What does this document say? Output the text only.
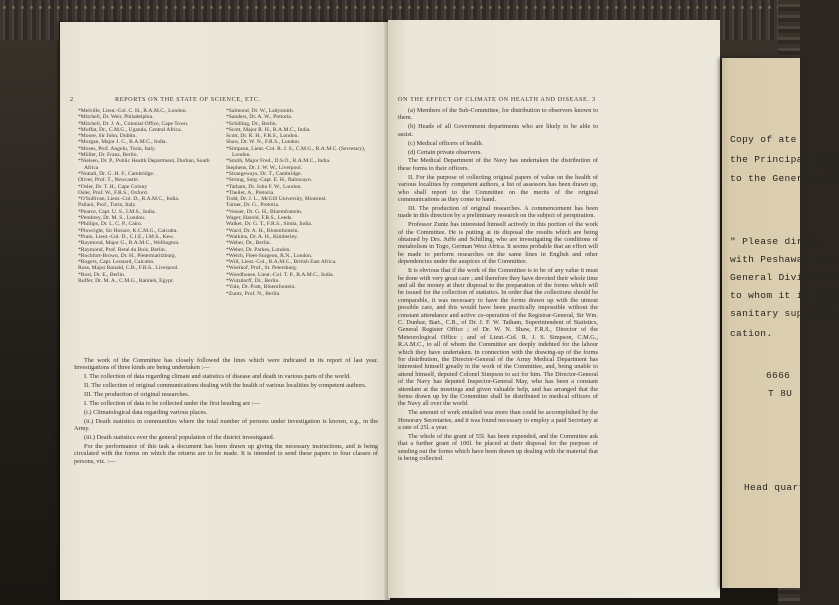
2	REPORTS ON THE STATE OF SCIENCE, ETC.

*Melville, Lieut.-Col. C. H., R.A.M.C., London.

*Mitchell, Dr. Weir, Philadelphia.

*Mitchell, Dr. J. A., Colonial Office, Cape Town.

*Moffat, Dr., C.M.G., Uganda, Central Africa.

*Moore, Sir John, Dublin.

*Morgan, Major J. C., R.A.M.C., India.

*Moses, Prof. Angelo, Turin, Italy.

*Müller, Dr. Franz, Berlin.

*Nielsen, Dr. P., Public Health Department, Durban, South Africa

*Nuttall, Dr. G. H. F., Cambridge.

Oliver, Prof. T., Newcastle.

*Osler, Dr. T. H., Cape Colony

Osler, Prof. W., F.R.S., Oxford.

*O'Sullivan, Lieut.-Col. D., R.A.M.C., India.

Pallaoi, Prof., Turin, Italy.

*Pearce, Capt. U. S., I.M.S., India.

*Pembrey, Dr. M. S., London.

*Phillips, Dr. L. C. P., Cairo.

*Plowright, Sir Horace, K.C.M.G., Calcutta.

*Prain, Lieut.-Col. D., C.I.E., I.M.S., Kew.

*Raymond, Major G., R.A.M.C., Wellington.

*Raymond, Prof. René du Bois, Berlin.

*Rochfort-Brown, Dr. H., Pietermaritzburg.

*Rogers, Capt. Leonard, Calcutta.

Ross, Major Ronald, C.B., F.R.S., Liverpool.

*Rost, Dr. E., Berlin.

Ruffer, Dr. M. A., C.M.G., Ramleh, Egypt.

*Salmond, Dr. W., Ladysmith.

*Sanders, Dr. A. W., Pretoria.

*Schilling, Dr., Berlin.

*Scott, Major R. H., R.A.M.C., India.

Scott, Dr. R. H., F.R.S., London.

Shaw, Dr. W. N., F.R.S., London.

*Simpson, Lieut.-Col. R. J. S., C.M.G., R.A.M.C. (Secretary), London.

*Smith, Major Fred., D.S.O., R.A.M.C., India.

Stephens, Dr. J. W. W., Liverpool.

*Strangeways, Dr. T., Cambridge.

*Strong, Surg.-Capt. E. H., Baluwayo.

*Tatham, Dr. John F. W., London.

*Theiler, A., Pretoria.

Todd, Dr. J. L., McGill University, Montreal.

Turner, Dr. G., Pretoria.

*Veuser, Dr. G. H., Bloemfontein.

Wager, Harold, F.R.S., Leeds.

Walker, Dr. G. T., F.R.S., Simla, India.

*Ward, Dr. A. H., Bloemfontein.

*Watkins, Dr. A. H., Kimberley.

*Weber, Dr., Berlin.

*Weber, Dr. Parkes, London.

*Welch, Fleet-Surgeon, R.N., London.

*Will, Lieut.-Col., R.A.M.C., British East Africa.

*Woeikof, Prof., St. Petersburg.

*Woodhouse, Lieut.-Col. T. P., R.A.M.C., India.

*Wutzdorff, Dr., Berlin.

*Yule, Dr. Pratt, Bloemfontein.

*Zuntz, Prof. N., Berlin.

The work of the Committee has closely followed the lines which were indicated in its report of last year. Investigations of three kinds are being undertaken :—

I. The collection of data regarding climate and statistics of disease and death in various parts of the world.

II. The collection of original communications dealing with the health of various localities by competent authors.

III. The production of original researches.

I. The collection of data to be collected under the first heading are :—

(i.) Climatological data regarding various places.

(ii.) Death statistics in communities where the total number of persons under investigation is known, e.g., in the Army.

(iii.) Death statistics over the general population of the district investigated.

For the performance of this task a document has been drawn up giving the necessary instructions, and is being circulated with the forms on which the returns are to be made. It is intended to send these papers to four classes of persons, viz. :—

ON THE EFFECT OF CLIMATE ON HEALTH AND DISEASE. 3

(a) Members of the Sub-Committee, for distribution to observers known to them.

(b) Heads of all Government departments who are likely to be able to assist.

(c) Medical officers of health.

(d) Certain private observers.

The Medical Department of the Navy has undertaken the distribution of these forms to their officers.

II. For the purpose of collecting original papers of value on the health of various localities by competent authors, a list of assessors has been drawn up, who shall report to the Committee on the merits of the original communications as they come to hand.

III. The production of original researches. A commencement has been made in this direction by a preliminary research on the subject of perspiration.

Professor Zuntz has interested himself actively in this portion of the work of the Committee. He is putting at its disposal the results which are being obtained by Drs. Juffe and Schilling, who are investigating the conditions of metabolism in Togo, German West Africa. It seems probable that an effort will be made to perform researches on the same lines in English and other dependencies under the auspices of the Committee.

It is obvious that if the work of the Committee is to be of any value it must be done with very great care ; and therefore they have devoted their whole time and all the money at their disposal to the preparation of the forms which will be issued for the collection of statistics. In order that the collections should be comparable, it was necessary to have the forms drawn up with the utmost possible care, and this would have been practically impossible without the constant attendance and active co-operation of the Registrar-General, Sir Wm. C. Dunbar, Bart., C.B., of Dr. J. F. W. Tatham, Superintendent of Statistics, General Register Office ; of Dr. W. N. Shaw, F.R.S., Director of the Meteorological Office ; and of Lieut.-Col. R. J. S. Simpson, C.M.G., R.A.M.C., to all of whom the Committee are deeply indebted for the labour which they have undertaken. In connection with the drawing-up of the forms for distribution, the Director-General of the Army Medical Department has interested himself greatly in the work of the Committee, and, being unable to attend himself, deputed Colonel Simpson to act for him. The Director-General of the Navy has deputed Inspector-General May, who has been a constant attendant at the meetings and given valuable help, and has arranged that the forms drawn up by the Committee shall be distributed to medical officers of the Navy all over the world.

The amount of work entailed was more than could be accomplished by the Honorary Secretaries, and it was found necessary to employ a paid Secretary at a rate of 25l. a year.

The whole of the grant of 55l. has been expended, and the Committee ask that a further grant of 100l. be placed at their disposal for the purpose of sending out the forms which have been drawn up dealing with the material that is being collected.

Copy of ate
the Principal Medi
to the General Off
" Please direct
with Peshawar on s
General Division H
to whom it is sugg
sanitary supervisi
cation.
6666
T 8U
Head quart
